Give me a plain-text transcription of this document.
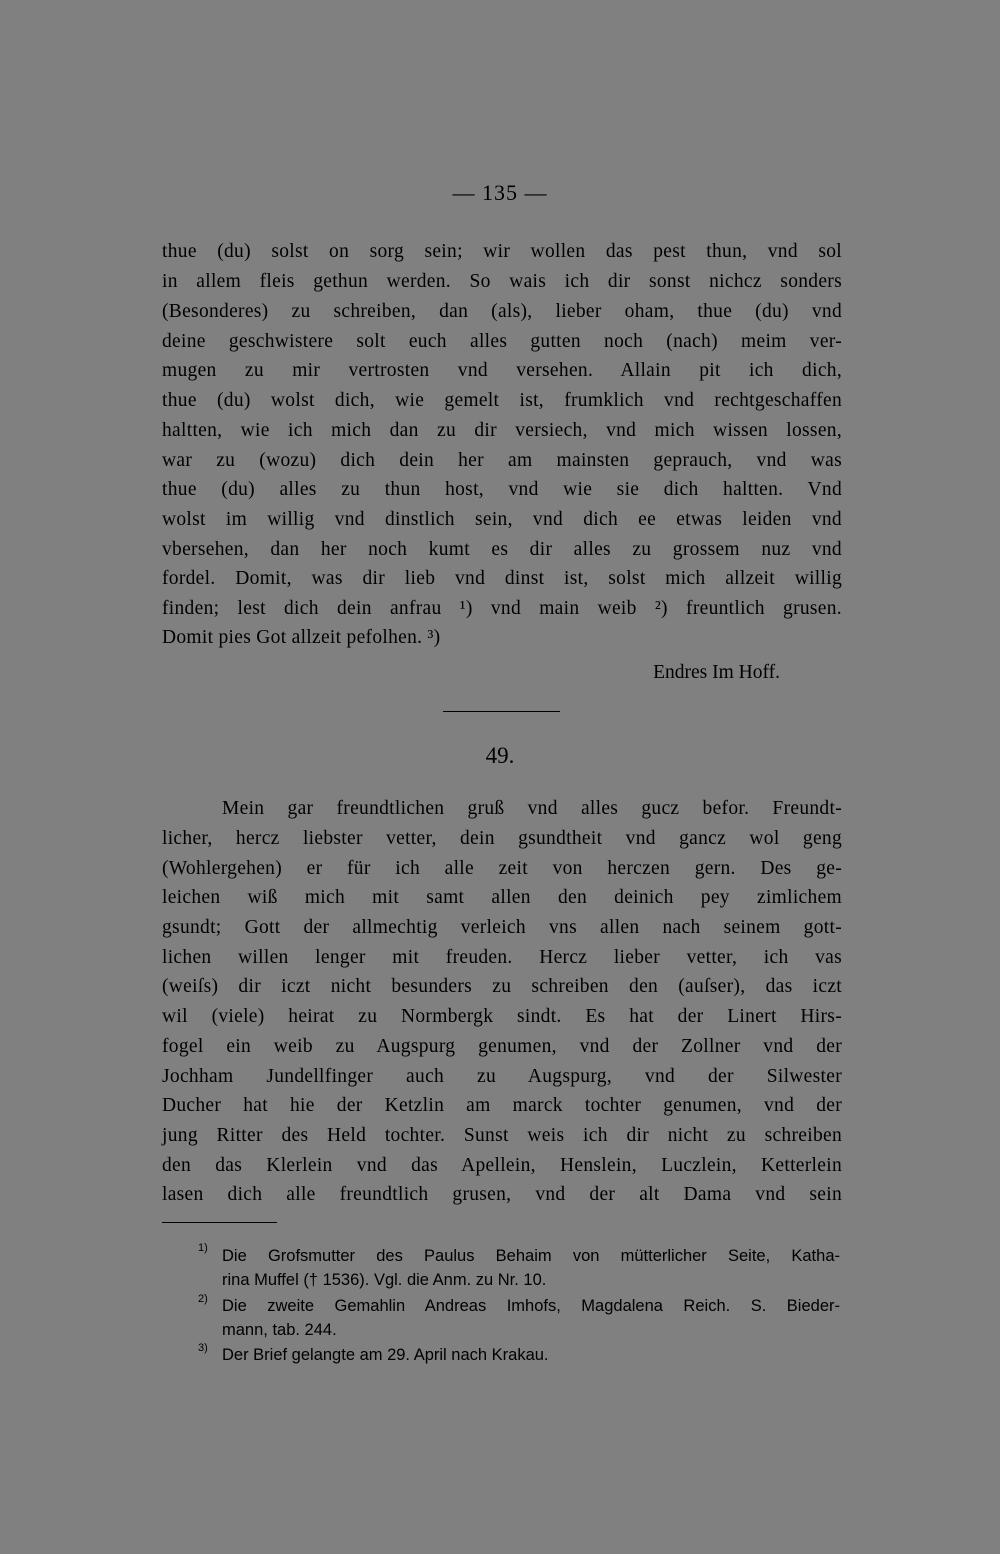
— 135 —
thue (du) solst on sorg sein; wir wollen das pest thun, vnd sol
in allem fleis gethun werden. So wais ich dir sonst nichcz sonders
(Besonderes) zu schreiben, dan (als), lieber oham, thue (du) vnd
deine geschwistere solt euch alles gutten noch (nach) meim ver-
mugen zu mir vertrosten vnd versehen. Allain pit ich dich,
thue (du) wolst dich, wie gemelt ist, frumklich vnd rechtgeschaffen
haltten, wie ich mich dan zu dir versiech, vnd mich wissen lossen,
war zu (wozu) dich dein her am mainsten geprauch, vnd was
thue (du) alles zu thun host, vnd wie sie dich haltten. Vnd
wolst im willig vnd dinstlich sein, vnd dich ee etwas leiden vnd
vbersehen, dan her noch kumt es dir alles zu grossem nuz vnd
fordel. Domit, was dir lieb vnd dinst ist, solst mich allzeit willig
finden; lest dich dein anfrau ¹) vnd main weib ²) freuntlich grusen.
Domit pies Got allzeit pefolhen. ³)
Endres Im Hoff.
49.
Mein gar freundtlichen gruß vnd alles gucz befor. Freundt-
licher, hercz liebster vetter, dein gsundtheit vnd gancz wol geng
(Wohlergehen) er für ich alle zeit von herczen gern. Des ge-
leichen wiß mich mit samt allen den deinich pey zimlichem
gsundt; Gott der allmechtig verleich vns allen nach seinem gott-
lichen willen lenger mit freuden. Hercz lieber vetter, ich vas
(weiſs) dir iczt nicht besunders zu schreiben den (auſser), das iczt
wil (viele) heirat zu Normbergk sindt. Es hat der Linert Hirs-
fogel ein weib zu Augspurg genumen, vnd der Zollner vnd der
Jochham Jundellfinger auch zu Augspurg, vnd der Silwester
Ducher hat hie der Ketzlin am marck tochter genumen, vnd der
jung Ritter des Held tochter. Sunst weis ich dir nicht zu schreiben
den das Klerlein vnd das Apellein, Henslein, Luczlein, Ketterlein
lasen dich alle freundtlich grusen, vnd der alt Dama vnd sein
1) Die Grofsmutter des Paulus Behaim von mütterlicher Seite, Katha-
rina Muffel († 1536). Vgl. die Anm. zu Nr. 10.
2) Die zweite Gemahlin Andreas Imhofs, Magdalena Reich. S. Bieder-
mann, tab. 244.
3) Der Brief gelangte am 29. April nach Krakau.
